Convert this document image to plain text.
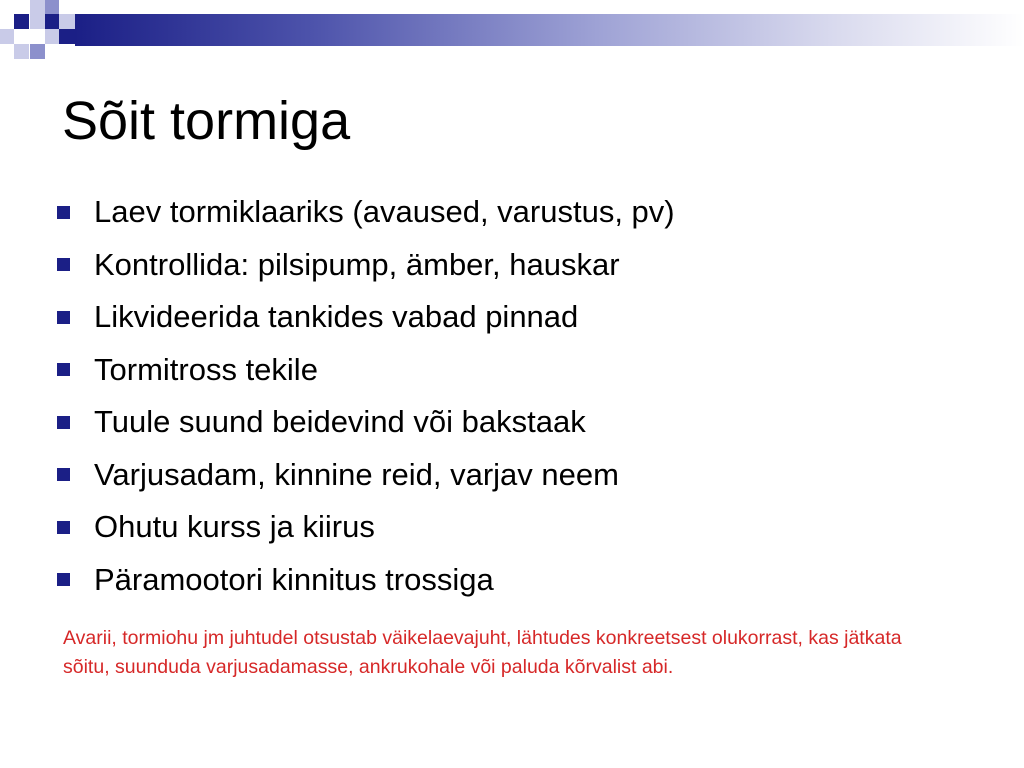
Sõit tormiga
Laev tormiklaariks (avaused, varustus, pv)
Kontrollida: pilsipump, ämber, hauskar
Likvideerida tankides vabad pinnad
Tormitross tekile
Tuule suund beidevind või bakstaak
Varjusadam, kinnine reid, varjav neem
Ohutu kurss ja kiirus
Päramootori kinnitus trossiga

Avarii, tormiohu jm juhtudel otsustab väikelaevajuht, lähtudes konkreetsest olukorrast, kas jätkata sõitu, suunduda varjusadamasse, ankrukohale või paluda kõrvalist abi.
